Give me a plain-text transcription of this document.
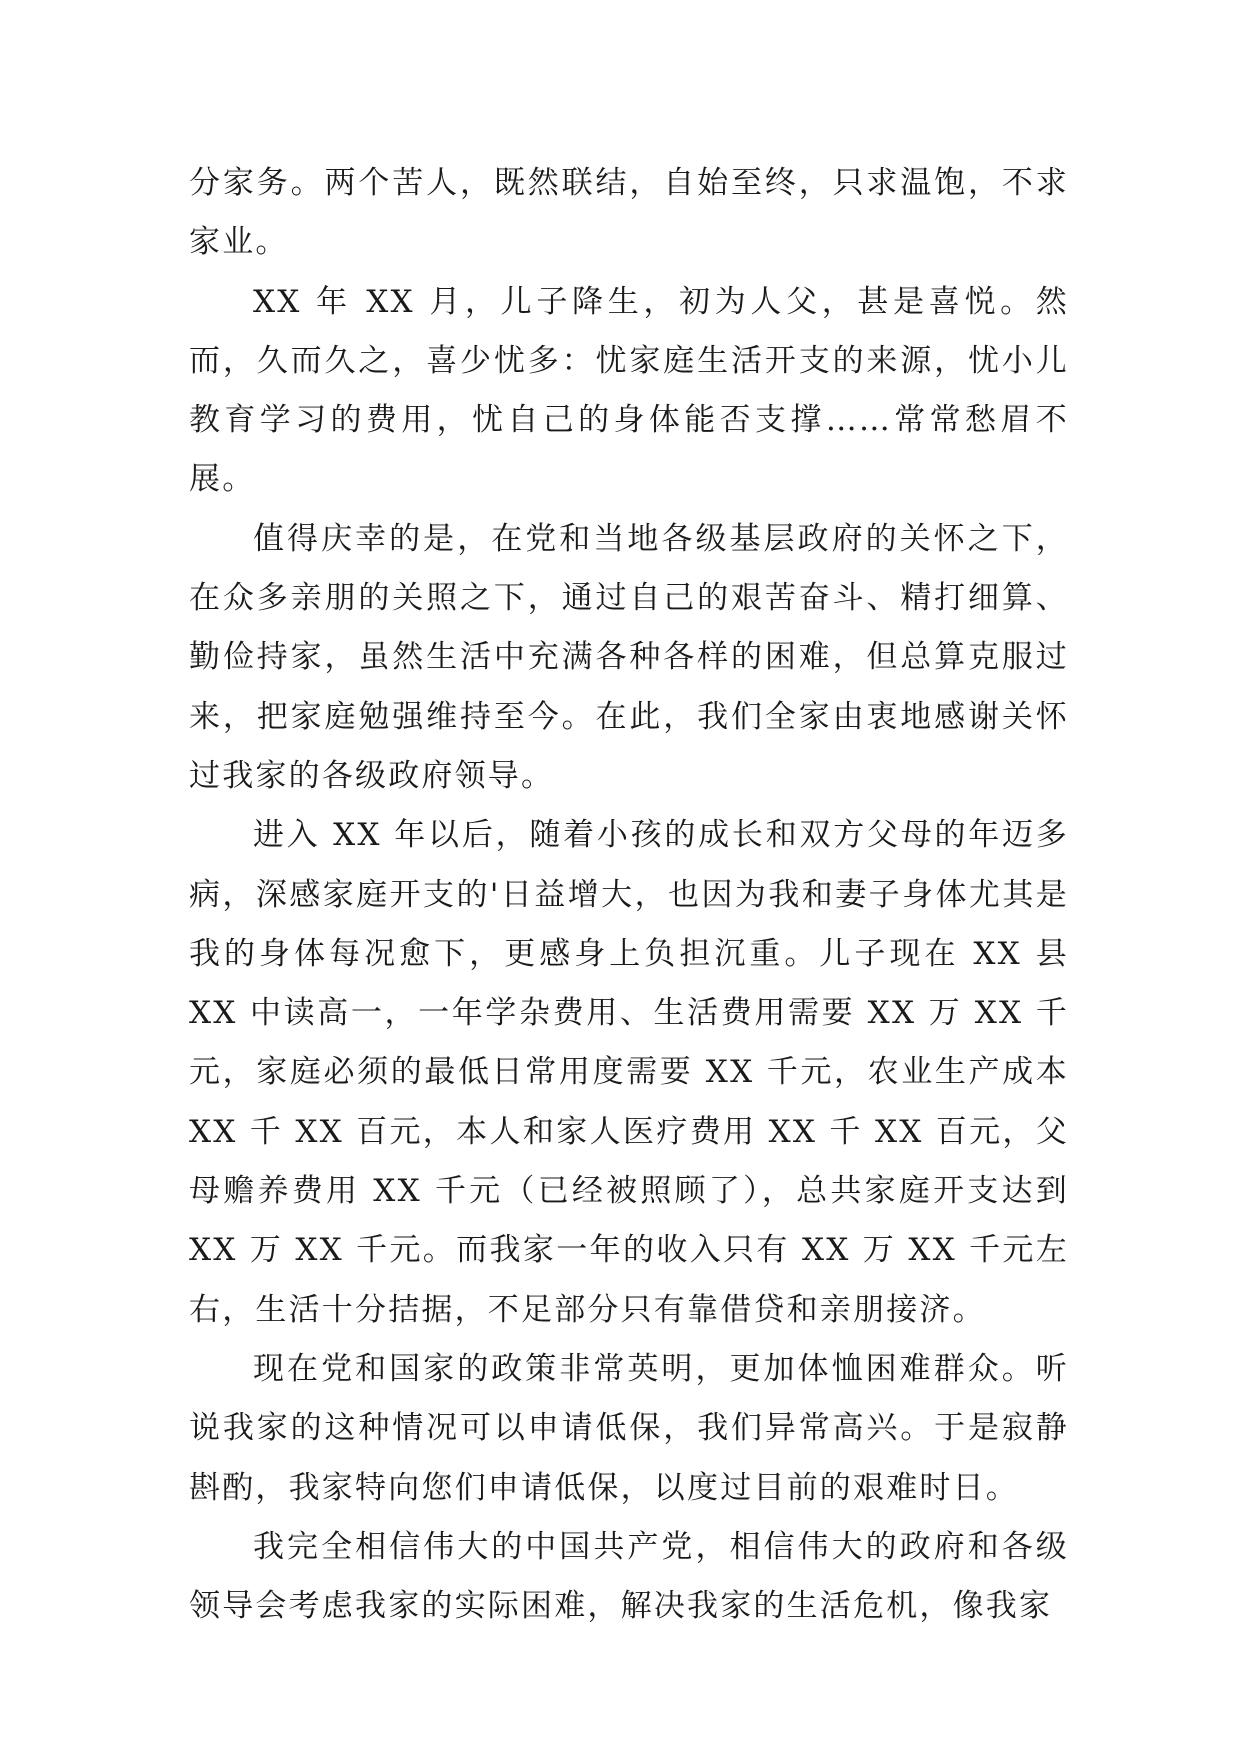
分家务。两个苦人，既然联结，自始至终，只求温饱，不求家业。

XX 年 XX 月，儿子降生，初为人父，甚是喜悦。然而，久而久之，喜少忧多：忧家庭生活开支的来源，忧小儿教育学习的费用，忧自己的身体能否支撑……常常愁眉不展。

值得庆幸的是，在党和当地各级基层政府的关怀之下，在众多亲朋的关照之下，通过自己的艰苦奋斗、精打细算、勤俭持家，虽然生活中充满各种各样的困难，但总算克服过来，把家庭勉强维持至今。在此，我们全家由衷地感谢关怀过我家的各级政府领导。

进入 XX 年以后，随着小孩的成长和双方父母的年迈多病，深感家庭开支的'日益增大，也因为我和妻子身体尤其是我的身体每况愈下，更感身上负担沉重。儿子现在 XX 县 XX 中读高一，一年学杂费用、生活费用需要 XX 万 XX 千元，家庭必须的最低日常用度需要 XX 千元，农业生产成本 XX 千 XX 百元，本人和家人医疗费用 XX 千 XX 百元，父母赡养费用 XX 千元（已经被照顾了），总共家庭开支达到 XX 万 XX 千元。而我家一年的收入只有 XX 万 XX 千元左右，生活十分拮据，不足部分只有靠借贷和亲朋接济。

现在党和国家的政策非常英明，更加体恤困难群众。听说我家的这种情况可以申请低保，我们异常高兴。于是寂静斟酌，我家特向您们申请低保，以度过目前的艰难时日。

我完全相信伟大的中国共产党，相信伟大的政府和各级领导会考虑我家的实际困难，解决我家的生活危机，像我家
